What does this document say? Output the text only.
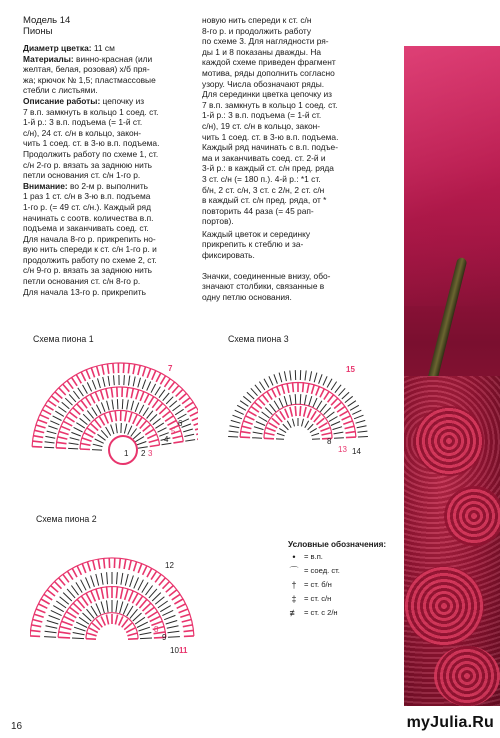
Модель 14

Пионы

Диаметр цветка: 11 см

Материалы: винно-красная (или
желтая, белая, розовая) х/б пря-
жа; крючок № 1,5; пластмассовые
стебли с листьями.

Описание работы: цепочку из
7 в.п. замкнуть в кольцо 1 соед. ст.
1-й р.: 3 в.п. подъема (= 1-й ст.
с/н), 24 ст. с/н в кольцо, закон-
чить 1 соед. ст. в 3-ю в.п. подъема.
Продолжить работу по схеме 1, ст.
с/н 2-го р. вязать за заднюю нить
петли основания ст. с/н 1-го р.

Внимание: во 2-м р. выполнить
1 раз 1 ст. с/н в 3-ю в.п. подъема
1-го р. (= 49 ст. с/н.). Каждый ряд
начинать с соотв. количества в.п.
подъема и заканчивать соед. ст.
Для начала 8-го р. прикрепить но-
вую нить спереди к ст. с/н 1-го р. и
продолжить работу по схеме 2, ст.
с/н 9-го р. вязать за заднюю нить
петли основания ст. с/н 8-го р.
Для начала 13-го р. прикрепить

новую нить спереди к ст. с/н
8-го р. и продолжить работу
по схеме 3. Для наглядности ря-
ды 1 и 8 показаны дважды. На
каждой схеме приведен фрагмент
мотива, ряды дополнить согласно
узору. Числа обозначают ряды.
Для серединки цветка цепочку из
7 в.п. замкнуть в кольцо 1 соед. ст.
1-й р.: 3 в.п. подъема (= 1-й ст.
с/н), 19 ст. с/н в кольцо, закон-
чить 1 соед. ст. в 3-ю в.п. подъема.
Каждый ряд начинать с в.п. подъе-
ма и заканчивать соед. ст. 2-й и
3-й р.: в каждый ст. с/н пред. ряда
3 ст. с/н (= 180 п.). 4-й р.: *1 ст.
б/н, 2 ст. с/н, 3 ст. с 2/н, 2 ст. с/н
в каждый ст. с/н пред. ряда, от *
повторить 44 раза (= 45 рап-
портов).

Каждый цветок и серединку
прикрепить к стеблю и за-
фиксировать.

Значки, соединенные внизу, обо-
значают столбики, связанные в
одну петлю основания.

Схема пиона 1	Схема пиона 3
Схема пиона 2
7
6
5
4
1 2 3
15
14
13
8
12
11
10
9
8
Условные обозначения:
•	= в.п.
⌒ = соед. ст.
† = ст. б/н
‡ = ст. с/н
≢ = ст. с 2/н
16	myJulia.Ru
